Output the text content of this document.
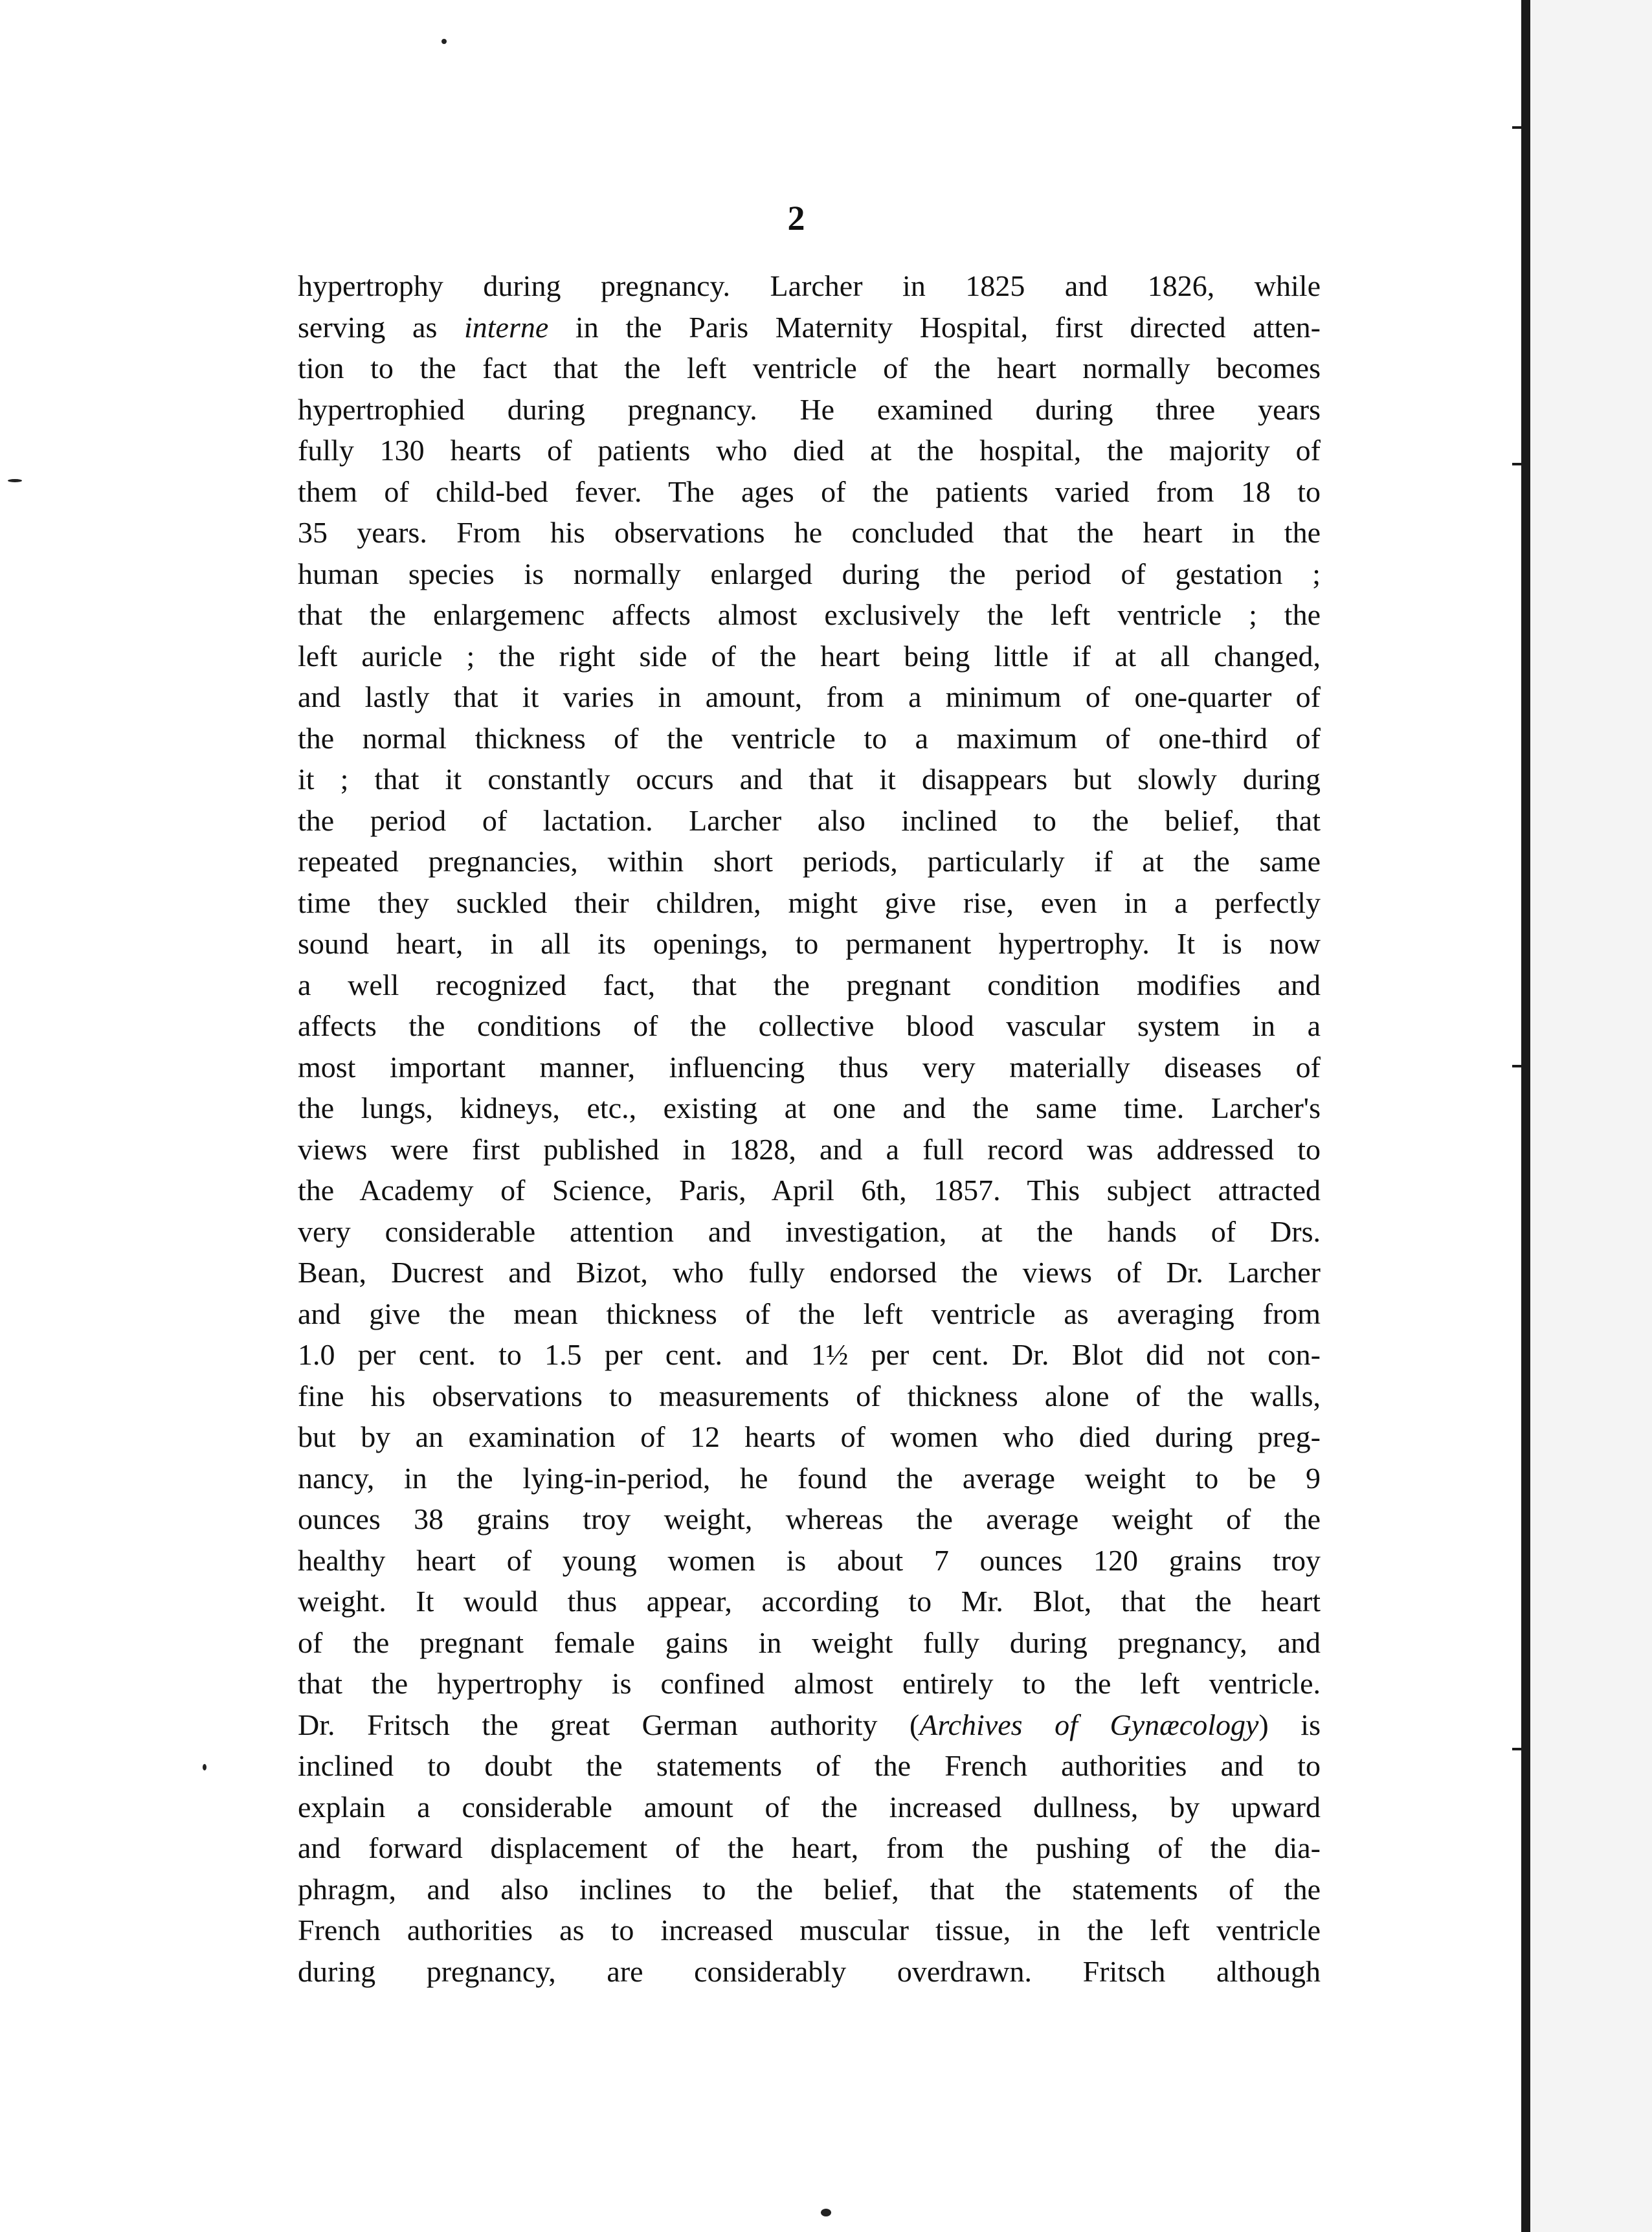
2
hypertrophy during pregnancy. Larcher in 1825 and 1826, while
serving as interne in the Paris Maternity Hospital, first directed atten-
tion to the fact that the left ventricle of the heart normally becomes
hypertrophied during pregnancy. He examined during three years
fully 130 hearts of patients who died at the hospital, the majority of
them of child-bed fever. The ages of the patients varied from 18 to
35 years. From his observations he concluded that the heart in the
human species is normally enlarged during the period of gestation ;
that the enlargemenc affects almost exclusively the left ventricle ; the
left auricle ; the right side of the heart being little if at all changed,
and lastly that it varies in amount, from a minimum of one-quarter of
the normal thickness of the ventricle to a maximum of one-third of
it ; that it constantly occurs and that it disappears but slowly during
the period of lactation. Larcher also inclined to the belief, that
repeated pregnancies, within short periods, particularly if at the same
time they suckled their children, might give rise, even in a perfectly
sound heart, in all its openings, to permanent hypertrophy. It is now
a well recognized fact, that the pregnant condition modifies and
affects the conditions of the collective blood vascular system in a
most important manner, influencing thus very materially diseases of
the lungs, kidneys, etc., existing at one and the same time. Larcher's
views were first published in 1828, and a full record was addressed to
the Academy of Science, Paris, April 6th, 1857. This subject attracted
very considerable attention and investigation, at the hands of Drs.
Bean, Ducrest and Bizot, who fully endorsed the views of Dr. Larcher
and give the mean thickness of the left ventricle as averaging from
1.0 per cent. to 1.5 per cent. and 1½ per cent. Dr. Blot did not con-
fine his observations to measurements of thickness alone of the walls,
but by an examination of 12 hearts of women who died during preg-
nancy, in the lying-in-period, he found the average weight to be 9
ounces 38 grains troy weight, whereas the average weight of the
healthy heart of young women is about 7 ounces 120 grains troy
weight. It would thus appear, according to Mr. Blot, that the heart
of the pregnant female gains in weight fully during pregnancy, and
that the hypertrophy is confined almost entirely to the left ventricle.
Dr. Fritsch the great German authority (Archives of Gynæcology) is
inclined to doubt the statements of the French authorities and to
explain a considerable amount of the increased dullness, by upward
and forward displacement of the heart, from the pushing of the dia-
phragm, and also inclines to the belief, that the statements of the
French authorities as to increased muscular tissue, in the left ventricle
during pregnancy, are considerably overdrawn. Fritsch although
